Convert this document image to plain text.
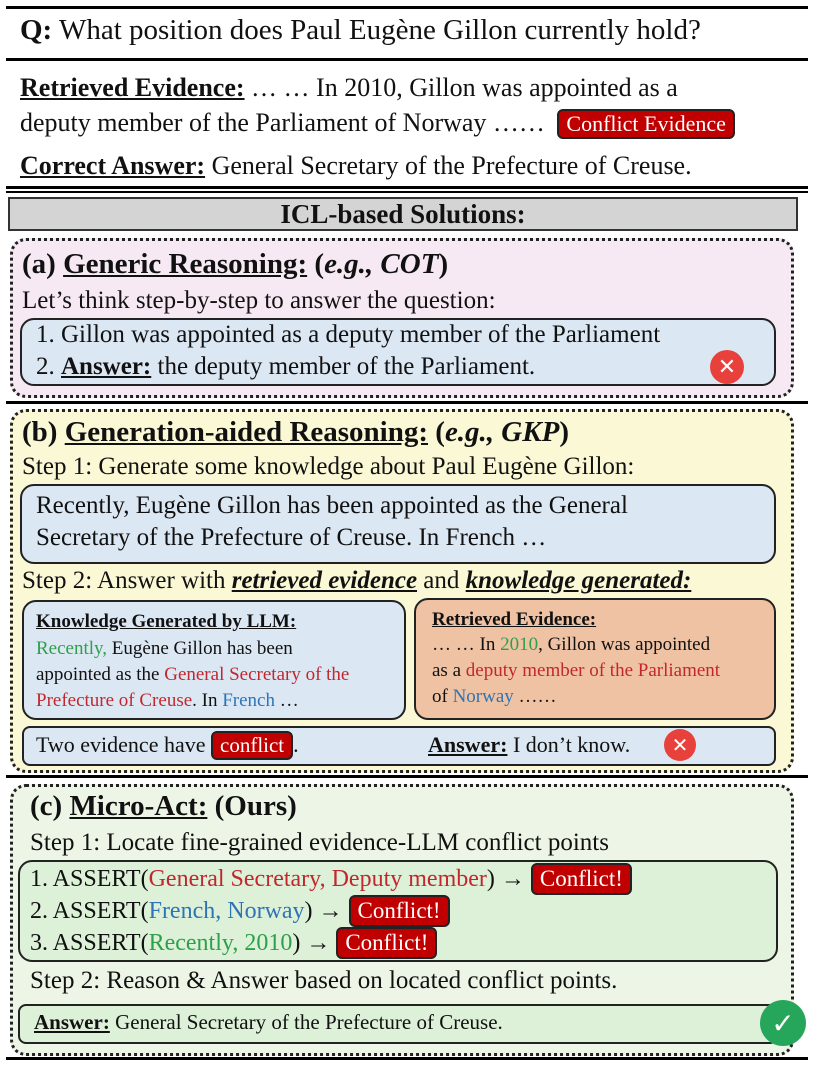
Q: What position does Paul Eugène Gillon currently hold?
Retrieved Evidence: … … In 2010, Gillon was appointed as a
deputy member of the Parliament of Norway …… Conflict Evidence
Correct Answer: General Secretary of the Prefecture of Creuse.
ICL-based Solutions:
(a) Generic Reasoning: (e.g., COT)
Let’s think step-by-step to answer the question:
1. Gillon was appointed as a deputy member of the Parliament
2. Answer: the deputy member of the Parliament.	✕
(b) Generation-aided Reasoning: (e.g., GKP)
Step 1: Generate some knowledge about Paul Eugène Gillon:
Recently, Eugène Gillon has been appointed as the General
Secretary of the Prefecture of Creuse. In French …
Step 2: Answer with retrieved evidence and knowledge generated:
Knowledge Generated by LLM:
Recently, Eugène Gillon has been
appointed as the General Secretary of the
Prefecture of Creuse. In French …
Retrieved Evidence:
… … In 2010, Gillon was appointed
as a deputy member of the Parliament
of Norway ……
Two evidence have conflict .	Answer: I don’t know.	✕
(c) Micro-Act: (Ours)
Step 1: Locate fine-grained evidence-LLM conflict points
1. ASSERT(General Secretary, Deputy member) → Conflict!
2. ASSERT(French, Norway) → Conflict!
3. ASSERT(Recently, 2010) → Conflict!
Step 2: Reason & Answer based on located conflict points.
Answer: General Secretary of the Prefecture of Creuse.	✓
